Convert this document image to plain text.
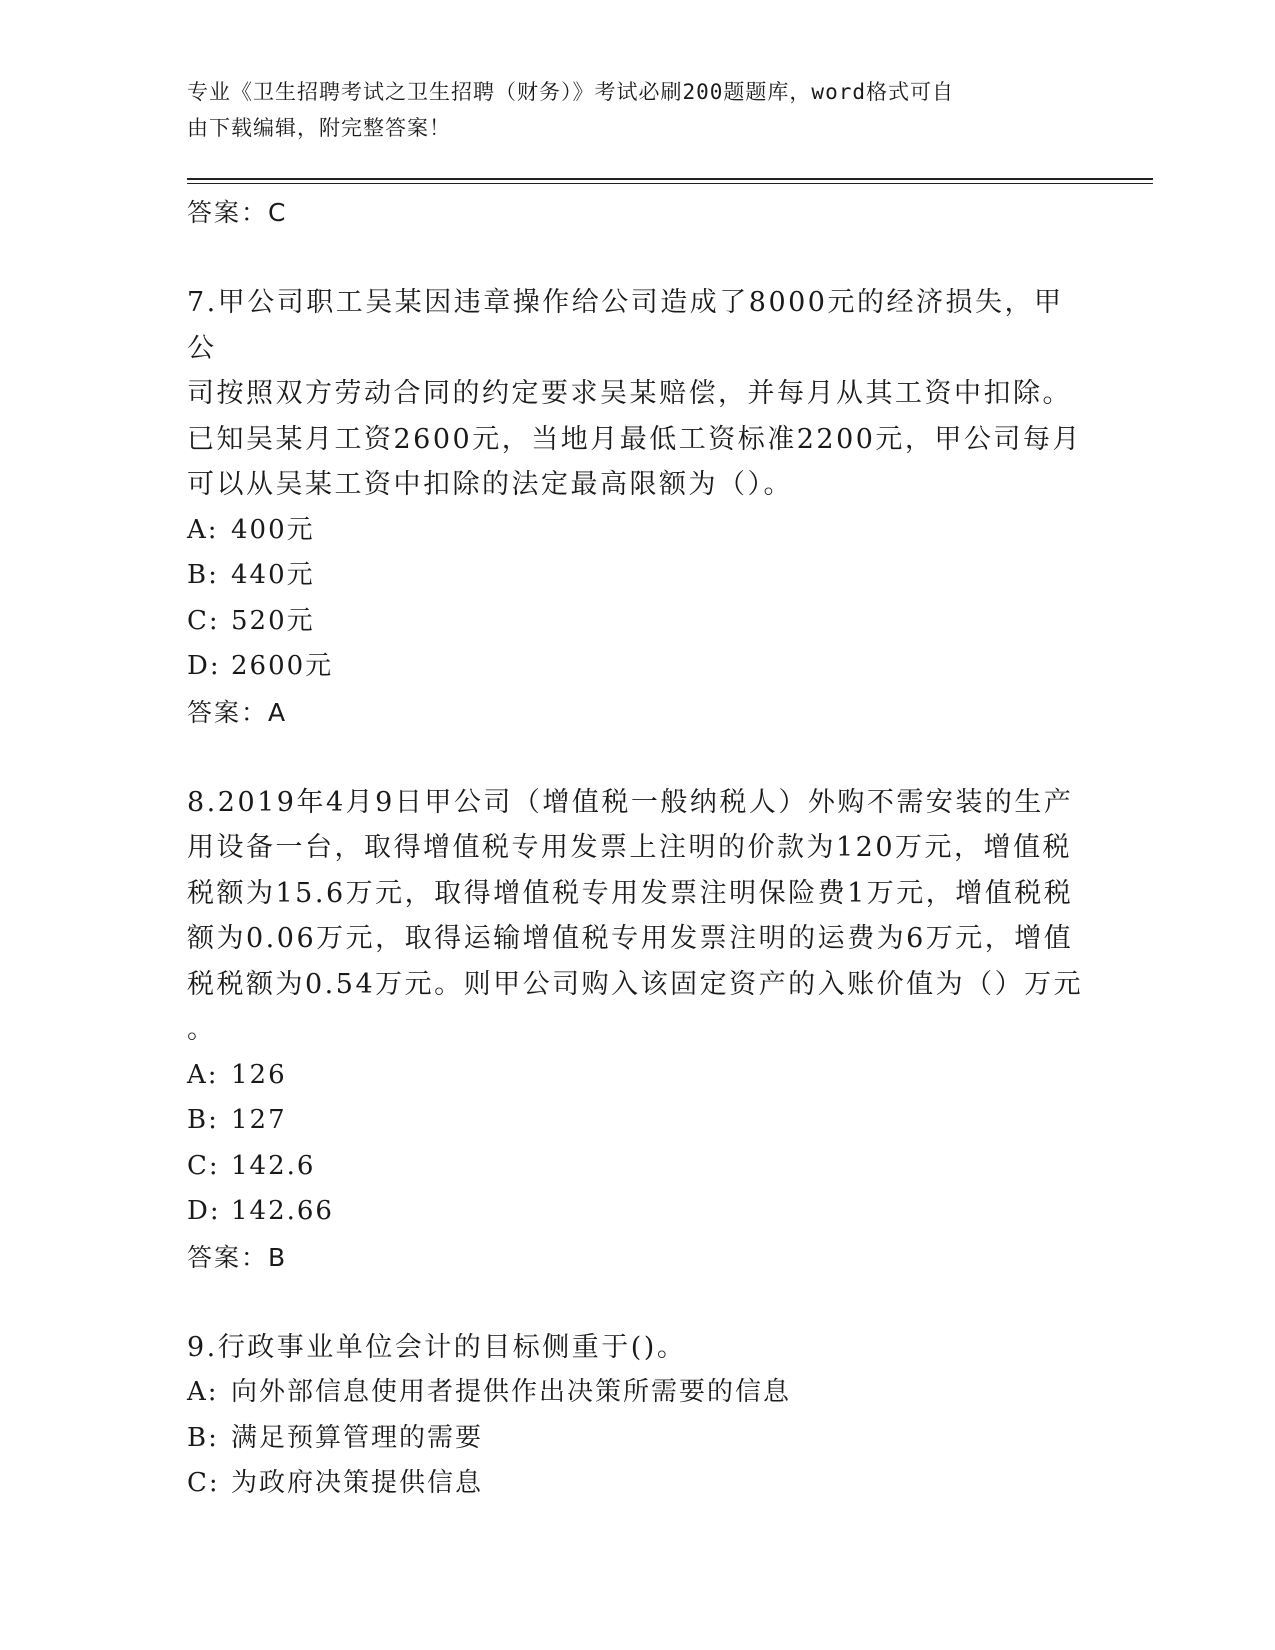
专业《卫生招聘考试之卫生招聘（财务）》考试必刷200题题库，word格式可自
由下载编辑，附完整答案！
答案：C
7.甲公司职工吴某因违章操作给公司造成了8000元的经济损失，甲公
司按照双方劳动合同的约定要求吴某赔偿，并每月从其工资中扣除。
已知吴某月工资2600元，当地月最低工资标准2200元，甲公司每月
可以从吴某工资中扣除的法定最高限额为（）。
A: 400元
B: 440元
C: 520元
D: 2600元
答案：A
8.2019年4月9日甲公司（增值税一般纳税人）外购不需安装的生产
用设备一台，取得增值税专用发票上注明的价款为120万元，增值税
税额为15.6万元，取得增值税专用发票注明保险费1万元，增值税税
额为0.06万元，取得运输增值税专用发票注明的运费为6万元，增值
税税额为0.54万元。则甲公司购入该固定资产的入账价值为（）万元
。
A: 126
B: 127
C: 142.6
D: 142.66
答案：B
9.行政事业单位会计的目标侧重于()。
A: 向外部信息使用者提供作出决策所需要的信息
B: 满足预算管理的需要
C: 为政府决策提供信息
